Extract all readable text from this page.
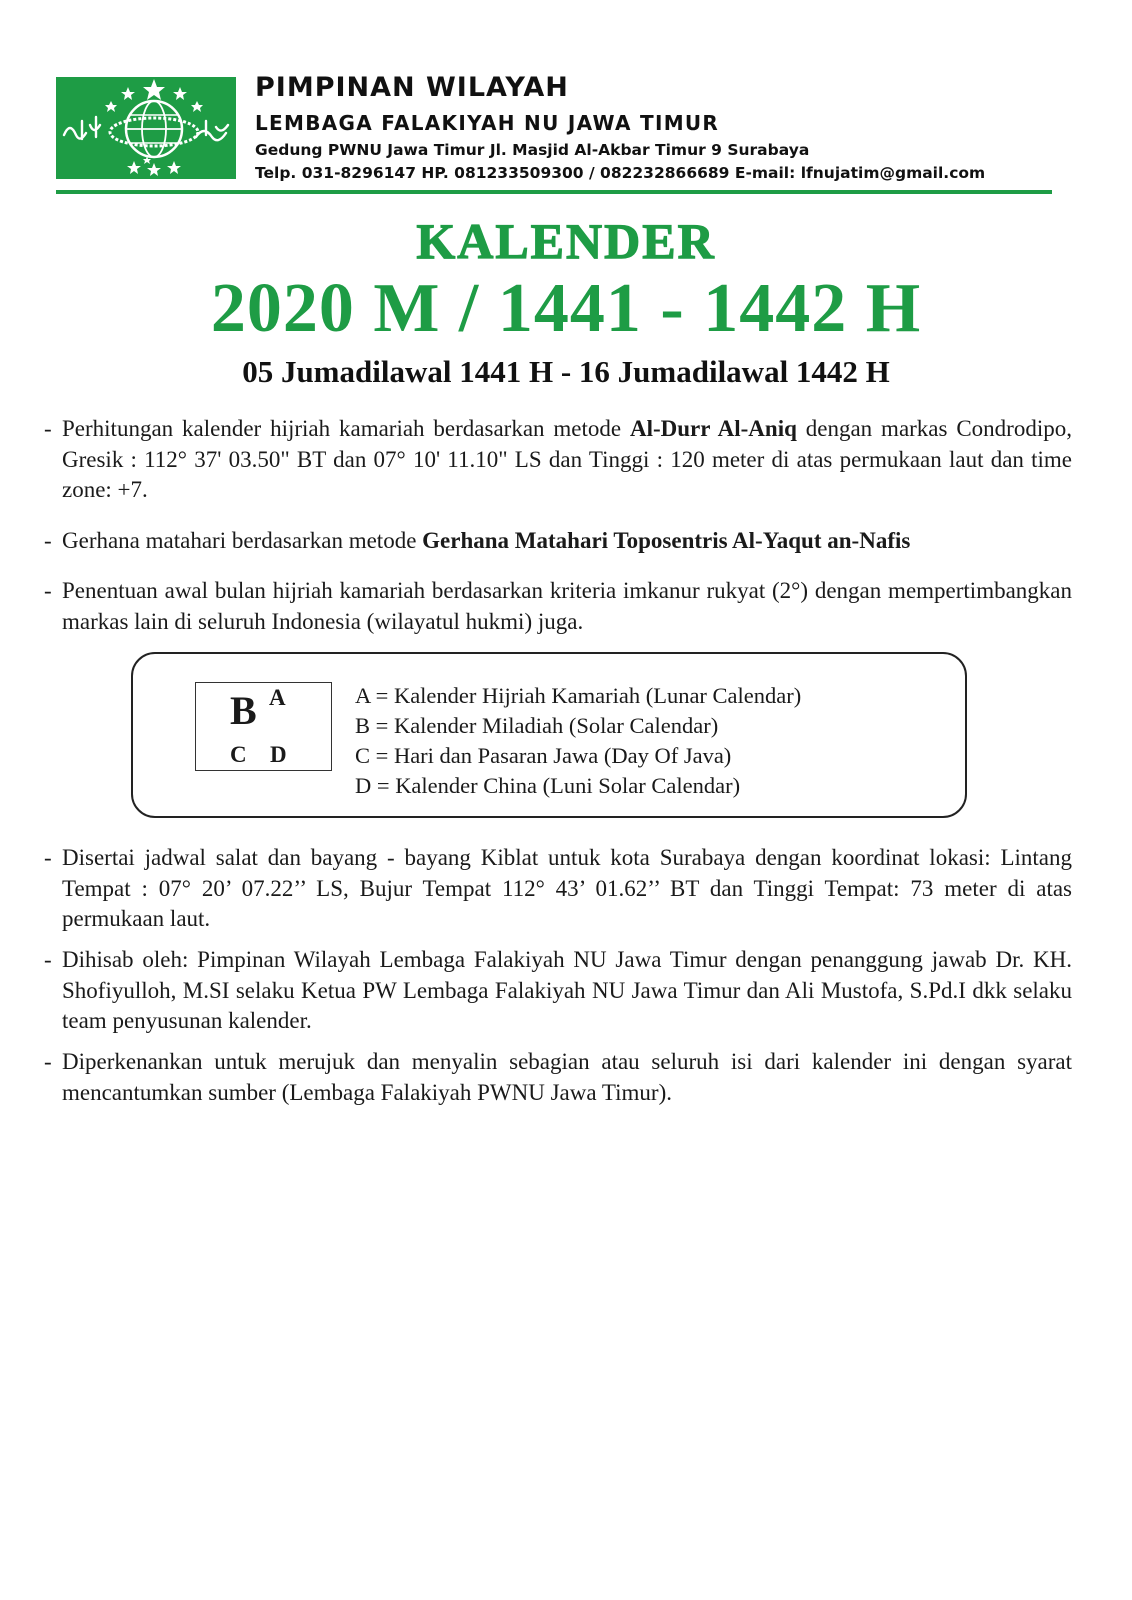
PIMPINAN WILAYAH
LEMBAGA FALAKIYAH NU JAWA TIMUR
Gedung PWNU Jawa Timur Jl. Masjid Al-Akbar Timur 9 Surabaya
Telp. 031-8296147 HP. 081233509300 / 082232866689 E-mail: lfnujatim@gmail.com
KALENDER
2020 M / 1441 - 1442 H
05 Jumadilawal 1441 H - 16 Jumadilawal 1442 H
- Perhitungan kalender hijriah kamariah berdasarkan metode Al-Durr Al-Aniq dengan markas Condrodipo, Gresik : 112° 37' 03.50" BT dan 07° 10' 11.10" LS dan Tinggi : 120 meter di atas permukaan laut dan time zone: +7.
- Gerhana matahari berdasarkan metode Gerhana Matahari Toposentris Al-Yaqut an-Nafis
- Penentuan awal bulan hijriah kamariah berdasarkan kriteria imkanur rukyat (2°) dengan mempertimbangkan markas lain di seluruh Indonesia (wilayatul hukmi) juga.
B A
C D
A = Kalender Hijriah Kamariah (Lunar Calendar)
B = Kalender Miladiah (Solar Calendar)
C = Hari dan Pasaran Jawa (Day Of Java)
D = Kalender China (Luni Solar Calendar)
- Disertai jadwal salat dan bayang - bayang Kiblat untuk kota Surabaya dengan koordinat lokasi: Lintang Tempat : 07° 20’ 07.22’’ LS, Bujur Tempat 112° 43’ 01.62’’ BT dan Tinggi Tempat: 73 meter di atas permukaan laut.
- Dihisab oleh: Pimpinan Wilayah Lembaga Falakiyah NU Jawa Timur dengan penanggung jawab Dr. KH. Shofiyulloh, M.SI selaku Ketua PW Lembaga Falakiyah NU Jawa Timur dan Ali Mustofa, S.Pd.I dkk selaku team penyusunan kalender.
- Diperkenankan untuk merujuk dan menyalin sebagian atau seluruh isi dari kalender ini dengan syarat mencantumkan sumber (Lembaga Falakiyah PWNU Jawa Timur).
